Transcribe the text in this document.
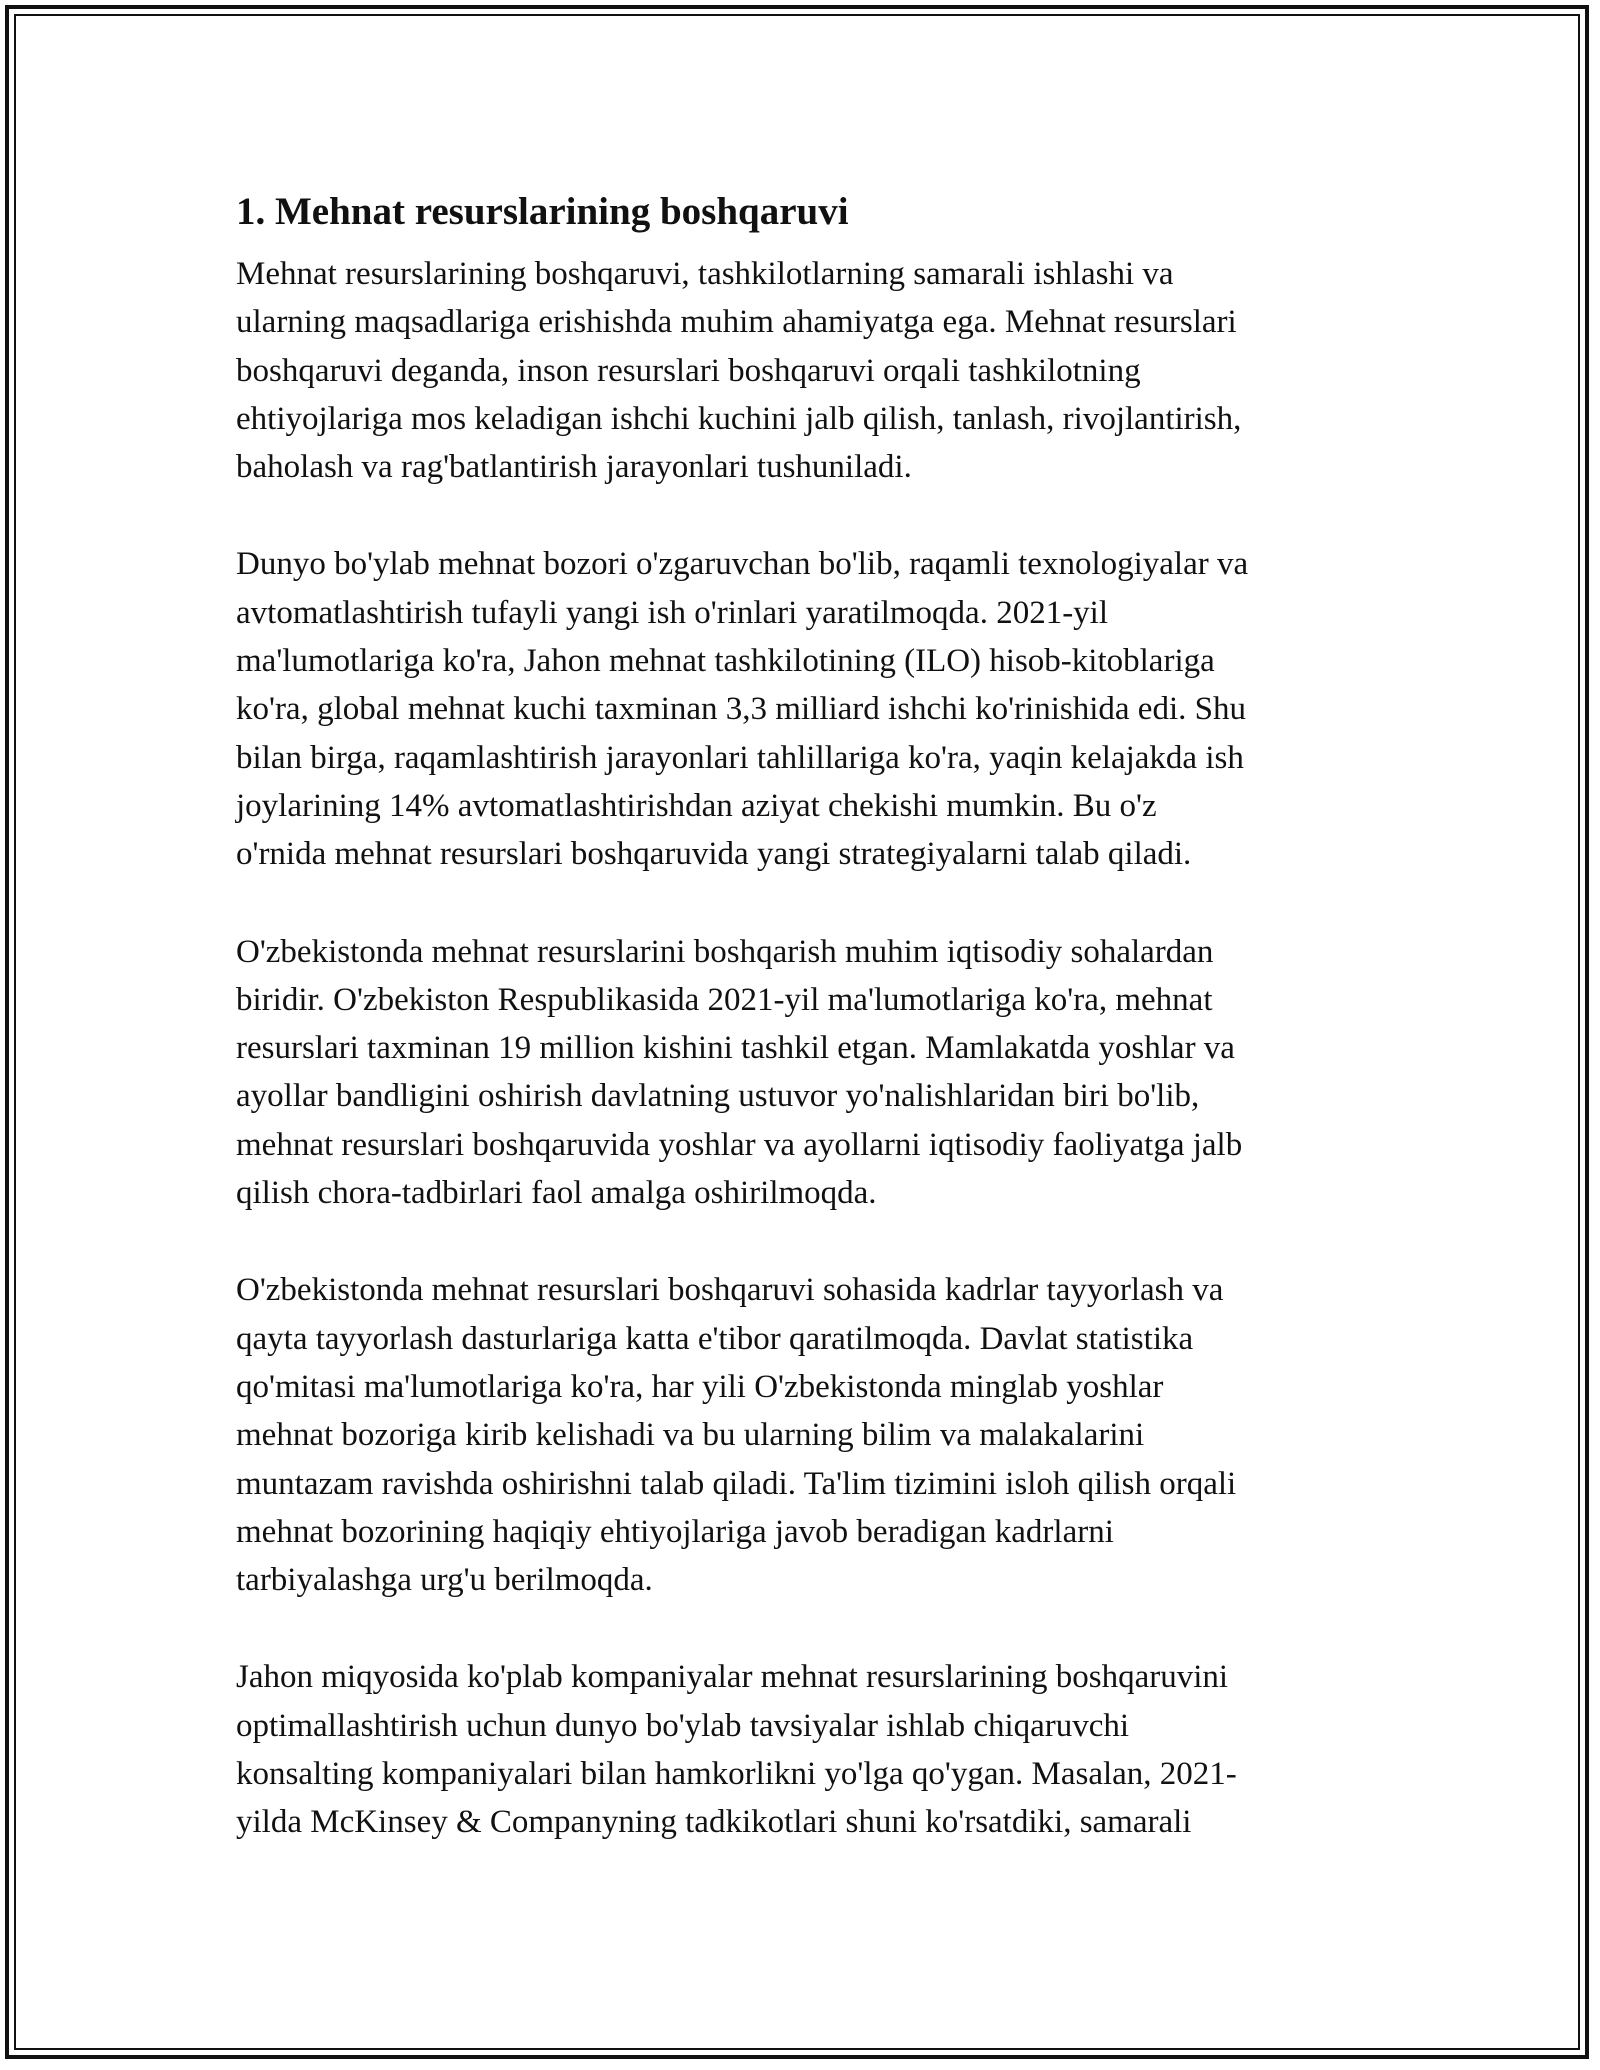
1. Mehnat resurslarining boshqaruvi

Mehnat resurslarining boshqaruvi, tashkilotlarning samarali ishlashi va
ularning maqsadlariga erishishda muhim ahamiyatga ega. Mehnat resurslari
boshqaruvi deganda, inson resurslari boshqaruvi orqali tashkilotning
ehtiyojlariga mos keladigan ishchi kuchini jalb qilish, tanlash, rivojlantirish,
baholash va rag'batlantirish jarayonlari tushuniladi.

Dunyo bo'ylab mehnat bozori o'zgaruvchan bo'lib, raqamli texnologiyalar va
avtomatlashtirish tufayli yangi ish o'rinlari yaratilmoqda. 2021-yil
ma'lumotlariga ko'ra, Jahon mehnat tashkilotining (ILO) hisob-kitoblariga
ko'ra, global mehnat kuchi taxminan 3,3 milliard ishchi ko'rinishida edi. Shu
bilan birga, raqamlashtirish jarayonlari tahlillariga ko'ra, yaqin kelajakda ish
joylarining 14% avtomatlashtirishdan aziyat chekishi mumkin. Bu o'z
o'rnida mehnat resurslari boshqaruvida yangi strategiyalarni talab qiladi.

O'zbekistonda mehnat resurslarini boshqarish muhim iqtisodiy sohalardan
biridir. O'zbekiston Respublikasida 2021-yil ma'lumotlariga ko'ra, mehnat
resurslari taxminan 19 million kishini tashkil etgan. Mamlakatda yoshlar va
ayollar bandligini oshirish davlatning ustuvor yo'nalishlaridan biri bo'lib,
mehnat resurslari boshqaruvida yoshlar va ayollarni iqtisodiy faoliyatga jalb
qilish chora-tadbirlari faol amalga oshirilmoqda.

O'zbekistonda mehnat resurslari boshqaruvi sohasida kadrlar tayyorlash va
qayta tayyorlash dasturlariga katta e'tibor qaratilmoqda. Davlat statistika
qo'mitasi ma'lumotlariga ko'ra, har yili O'zbekistonda minglab yoshlar
mehnat bozoriga kirib kelishadi va bu ularning bilim va malakalarini
muntazam ravishda oshirishni talab qiladi. Ta'lim tizimini isloh qilish orqali
mehnat bozorining haqiqiy ehtiyojlariga javob beradigan kadrlarni
tarbiyalashga urg'u berilmoqda.

Jahon miqyosida ko'plab kompaniyalar mehnat resurslarining boshqaruvini
optimallashtirish uchun dunyo bo'ylab tavsiyalar ishlab chiqaruvchi
konsalting kompaniyalari bilan hamkorlikni yo'lga qo'ygan. Masalan, 2021-
yilda McKinsey & Companyning tadkikotlari shuni ko'rsatdiki, samarali
